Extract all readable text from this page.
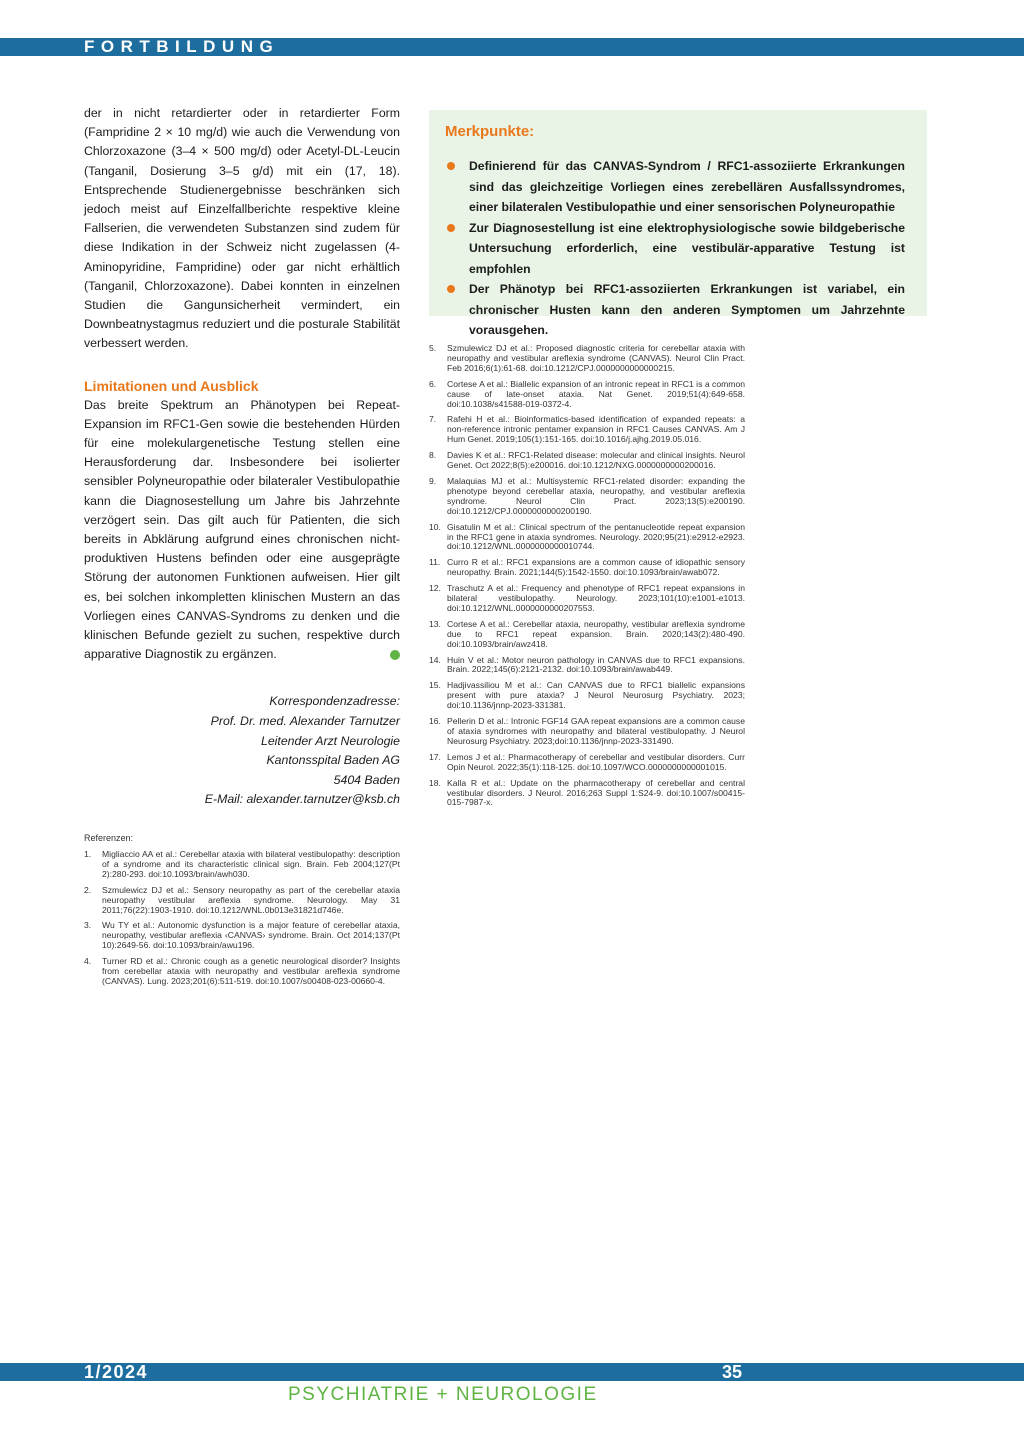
FORTBILDUNG

der in nicht retardierter oder in retardierter Form (Fampridine 2 × 10 mg/d) wie auch die Verwendung von Chlorzoxazone (3–4 × 500 mg/d) oder Acetyl-DL-Leucin (Tanganil, Dosierung 3–5 g/d) mit ein (17, 18). Entsprechende Studienergebnisse beschränken sich jedoch meist auf Einzelfallberichte respektive kleine Fallserien, die verwendeten Substanzen sind zudem für diese Indikation in der Schweiz nicht zugelassen (4-Aminopyridine, Fampridine) oder gar nicht erhältlich (Tanganil, Chlorzoxazone). Dabei konnten in einzelnen Studien die Gangunsicherheit vermindert, ein Downbeatnystagmus reduziert und die posturale Stabilität verbessert werden.

Limitationen und Ausblick

Das breite Spektrum an Phänotypen bei Repeat-Expansion im RFC1-Gen sowie die bestehenden Hürden für eine molekulargenetische Testung stellen eine Herausforderung dar. Insbesondere bei isolierter sensibler Polyneuropathie oder bilateraler Vestibulopathie kann die Diagnosestellung um Jahre bis Jahrzehnte verzögert sein. Das gilt auch für Patienten, die sich bereits in Abklärung aufgrund eines chronischen nicht-produktiven Hustens befinden oder eine ausgeprägte Störung der autonomen Funktionen aufweisen. Hier gilt es, bei solchen inkompletten klinischen Mustern an das Vorliegen eines CANVAS-Syndroms zu denken und die klinischen Befunde gezielt zu suchen, respektive durch apparative Diagnostik zu ergänzen.

Korrespondenzadresse:
Prof. Dr. med. Alexander Tarnutzer
Leitender Arzt Neurologie
Kantonsspital Baden AG
5404 Baden
E-Mail: alexander.tarnutzer@ksb.ch
Referenzen:
1. Migliaccio AA et al.: Cerebellar ataxia with bilateral vestibulopathy: description of a syndrome and its characteristic clinical sign. Brain. Feb 2004;127(Pt 2):280-293. doi:10.1093/brain/awh030.
2. Szmulewicz DJ et al.: Sensory neuropathy as part of the cerebellar ataxia neuropathy vestibular areflexia syndrome. Neurology. May 31 2011;76(22):1903-1910. doi:10.1212/WNL.0b013e31821d746e.
3. Wu TY et al.: Autonomic dysfunction is a major feature of cerebellar ataxia, neuropathy, vestibular areflexia ‹CANVAS› syndrome. Brain. Oct 2014;137(Pt 10):2649-56. doi:10.1093/brain/awu196.
4. Turner RD et al.: Chronic cough as a genetic neurological disorder? Insights from cerebellar ataxia with neuropathy and vestibular areflexia syndrome (CANVAS). Lung. 2023;201(6):511-519. doi:10.1007/s00408-023-00660-4.
Merkpunkte:
Definierend für das CANVAS-Syndrom / RFC1-assoziierte Erkrankungen sind das gleichzeitige Vorliegen eines zerebellären Ausfallssyndromes, einer bilateralen Vestibulopathie und einer sensorischen Polyneuropathie
Zur Diagnosestellung ist eine elektrophysiologische sowie bildgeberische Untersuchung erforderlich, eine vestibulär-apparative Testung ist empfohlen
Der Phänotyp bei RFC1-assoziierten Erkrankungen ist variabel, ein chronischer Husten kann den anderen Symptomen um Jahrzehnte vorausgehen.
5. Szmulewicz DJ et al.: Proposed diagnostic criteria for cerebellar ataxia with neuropathy and vestibular areflexia syndrome (CANVAS). Neurol Clin Pract. Feb 2016;6(1):61-68. doi:10.1212/CPJ.0000000000000215.
6. Cortese A et al.: Biallelic expansion of an intronic repeat in RFC1 is a common cause of late-onset ataxia. Nat Genet. 2019;51(4):649-658. doi:10.1038/s41588-019-0372-4.
7. Rafehi H et al.: Bioinformatics-based identification of expanded repeats: a non-reference intronic pentamer expansion in RFC1 Causes CANVAS. Am J Hum Genet. 2019;105(1):151-165. doi:10.1016/j.ajhg.2019.05.016.
8. Davies K et al.: RFC1-Related disease: molecular and clinical insights. Neurol Genet. Oct 2022;8(5):e200016. doi:10.1212/NXG.0000000000200016.
9. Malaquias MJ et al.: Multisystemic RFC1-related disorder: expanding the phenotype beyond cerebellar ataxia, neuropathy, and vestibular areflexia syndrome. Neurol Clin Pract. 2023;13(5):e200190. doi:10.1212/CPJ.0000000000200190.
10. Gisatulin M et al.: Clinical spectrum of the pentanucleotide repeat expansion in the RFC1 gene in ataxia syndromes. Neurology. 2020;95(21):e2912-e2923. doi:10.1212/WNL.0000000000010744.
11. Curro R et al.: RFC1 expansions are a common cause of idiopathic sensory neuropathy. Brain. 2021;144(5):1542-1550. doi:10.1093/brain/awab072.
12. Traschutz A et al.: Frequency and phenotype of RFC1 repeat expansions in bilateral vestibulopathy. Neurology. 2023;101(10):e1001-e1013. doi:10.1212/WNL.0000000000207553.
13. Cortese A et al.: Cerebellar ataxia, neuropathy, vestibular areflexia syndrome due to RFC1 repeat expansion. Brain. 2020;143(2):480-490. doi:10.1093/brain/awz418.
14. Huin V et al.: Motor neuron pathology in CANVAS due to RFC1 expansions. Brain. 2022;145(6):2121-2132. doi:10.1093/brain/awab449.
15. Hadjivassiliou M et al.: Can CANVAS due to RFC1 biallelic expansions present with pure ataxia? J Neurol Neurosurg Psychiatry. 2023; doi:10.1136/jnnp-2023-331381.
16. Pellerin D et al.: Intronic FGF14 GAA repeat expansions are a common cause of ataxia syndromes with neuropathy and bilateral vestibulopathy. J Neurol Neurosurg Psychiatry. 2023;doi:10.1136/jnnp-2023-331490.
17. Lemos J et al.: Pharmacotherapy of cerebellar and vestibular disorders. Curr Opin Neurol. 2022;35(1):118-125. doi:10.1097/WCO.0000000000001015.
18. Kalla R et al.: Update on the pharmacotherapy of cerebellar and central vestibular disorders. J Neurol. 2016;263 Suppl 1:S24-9. doi:10.1007/s00415-015-7987-x.
1/2024	35
PSYCHIATRIE + NEUROLOGIE
